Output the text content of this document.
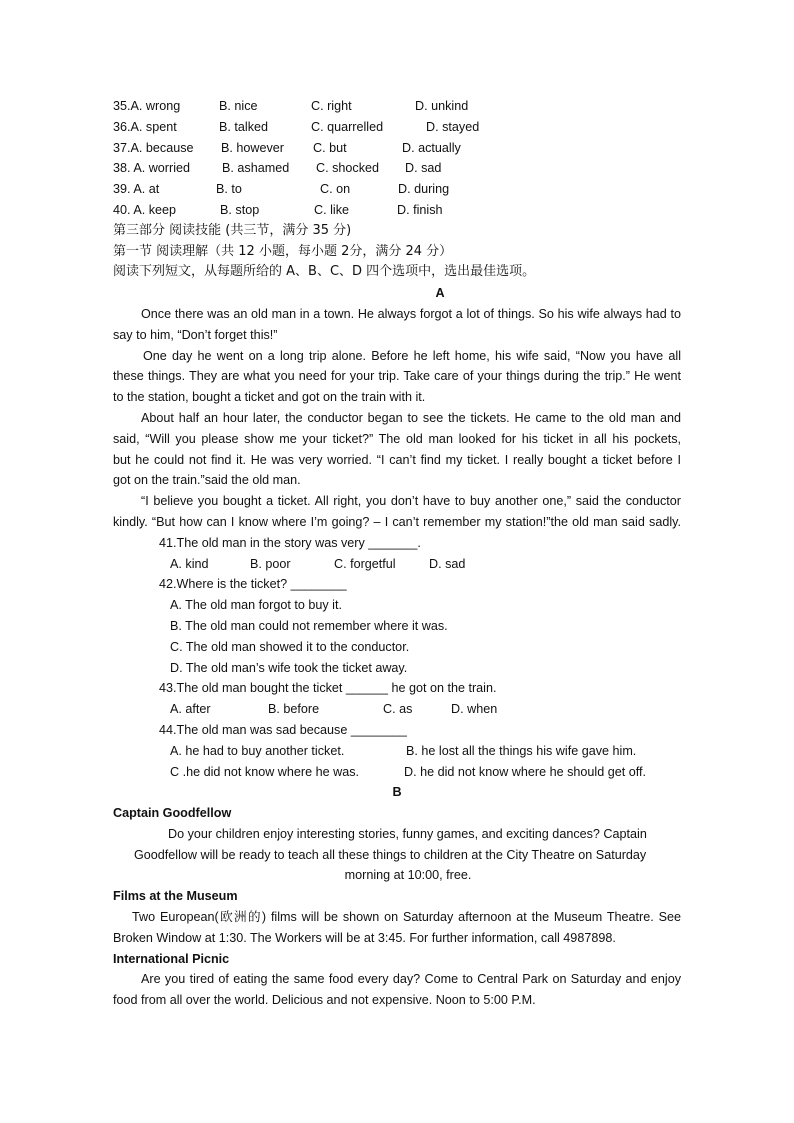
35.A. wrong	B. nice	C. right	D. unkind
36.A. spent	B. talked	C. quarrelled	D. stayed
37.A. because B. however C. but	D. actually
38. A. worried	B. ashamed C. shocked D. sad
39. A. at	B. to	C. on	D. during
40. A. keep	B. stop	C. like	D. finish
第三部分 阅读技能 (共三节，满分 35 分)
第一节 阅读理解（共 12 小题，每小题 2分，满分 24 分）
阅读下列短文，从每题所给的 A、B、C、D 四个选项中，选出最佳选项。
A
Once there was an old man in a town. He always forgot a lot of things. So his wife always had to
say to him, “Don’t forget this!”
One day he went on a long trip alone. Before he left home, his wife said, “Now you have all
these things. They are what you need for your trip. Take care of your things during the trip.” He went
to the station, bought a ticket and got on the train with it.
About half an hour later, the conductor began to see the tickets. He came to the old man and
said, “Will you please show me your ticket?” The old man looked for his ticket in all his pockets,
but he could not find it. He was very worried. “I can’t find my ticket. I really bought a ticket before I
got on the train.”said the old man.
“I believe you bought a ticket. All right, you don’t have to buy another one,” said the conductor
kindly. “But how can I know where I’m going? – I can’t remember my station!”the old man said sadly.
41.The old man in the story was very _______.
A. kind	B. poor	C. forgetful	D. sad
42.Where is the ticket? ________
A. The old man forgot to buy it.
B. The old man could not remember where it was.
C. The old man showed it to the conductor.
D. The old man’s wife took the ticket away.
43.The old man bought the ticket ______ he got on the train.
A. after	B. before	C. as	D. when
44.The old man was sad because ________
A. he had to buy another ticket.	B. he lost all the things his wife gave him.
C .he did not know where he was.	D. he did not know where he should get off.
B
Captain Goodfellow
Do your children enjoy interesting stories, funny games, and exciting dances? Captain
Goodfellow will be ready to teach all these things to children at the City Theatre on Saturday
morning at 10:00, free.
Films at the Museum
Two European(欧洲的) films will be shown on Saturday afternoon at the Museum Theatre. See
Broken Window at 1:30. The Workers will be at 3:45. For further information, call 4987898.
International Picnic
Are you tired of eating the same food every day? Come to Central Park on Saturday and enjoy
food from all over the world. Delicious and not expensive. Noon to 5:00 P.M.
